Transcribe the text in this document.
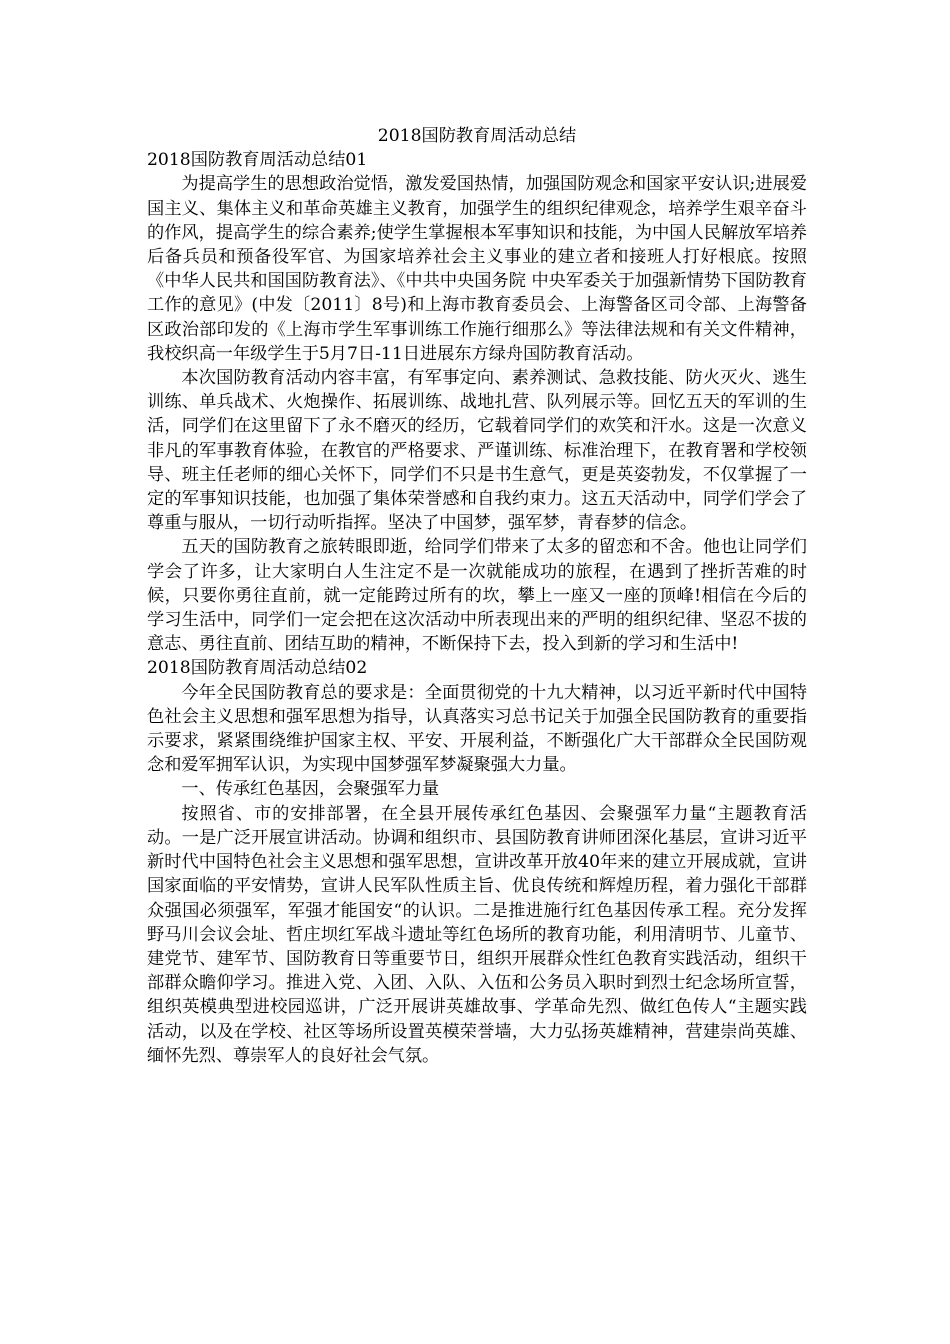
2018国防教育周活动总结

2018国防教育周活动总结01

为提高学生的思想政治觉悟，激发爱国热情，加强国防观念和国家平安认识;进展爱国主义、集体主义和革命英雄主义教育，加强学生的组织纪律观念，培养学生艰辛奋斗的作风，提高学生的综合素养;使学生掌握根本军事知识和技能，为中国人民解放军培养后备兵员和预备役军官、为国家培养社会主义事业的建立者和接班人打好根底。按照《中华人民共和国国防教育法》、《中共中央国务院 中央军委关于加强新情势下国防教育工作的意见》(中发〔2011〕8号)和上海市教育委员会、上海警备区司令部、上海警备区政治部印发的《上海市学生军事训练工作施行细那么》等法律法规和有关文件精神，我校织高一年级学生于5月7日-11日进展东方绿舟国防教育活动。

本次国防教育活动内容丰富，有军事定向、素养测试、急救技能、防火灭火、逃生训练、单兵战术、火炮操作、拓展训练、战地扎营、队列展示等。回忆五天的军训的生活，同学们在这里留下了永不磨灭的经历，它载着同学们的欢笑和汗水。这是一次意义非凡的军事教育体验，在教官的严格要求、严谨训练、标准治理下，在教育署和学校领导、班主任老师的细心关怀下，同学们不只是书生意气，更是英姿勃发，不仅掌握了一定的军事知识技能，也加强了集体荣誉感和自我约束力。这五天活动中，同学们学会了尊重与服从，一切行动听指挥。坚决了中国梦，强军梦，青春梦的信念。

五天的国防教育之旅转眼即逝，给同学们带来了太多的留恋和不舍。他也让同学们学会了许多，让大家明白人生注定不是一次就能成功的旅程，在遇到了挫折苦难的时候，只要你勇往直前，就一定能跨过所有的坎，攀上一座又一座的顶峰!相信在今后的学习生活中，同学们一定会把在这次活动中所表现出来的严明的组织纪律、坚忍不拔的意志、勇往直前、团结互助的精神，不断保持下去，投入到新的学习和生活中!

2018国防教育周活动总结02

今年全民国防教育总的要求是：全面贯彻党的十九大精神，以习近平新时代中国特色社会主义思想和强军思想为指导，认真落实习总书记关于加强全民国防教育的重要指示要求，紧紧围绕维护国家主权、平安、开展利益，不断强化广大干部群众全民国防观念和爱军拥军认识，为实现中国梦强军梦凝聚强大力量。

一、传承红色基因，会聚强军力量

按照省、市的安排部署，在全县开展传承红色基因、会聚强军力量“主题教育活动。一是广泛开展宣讲活动。协调和组织市、县国防教育讲师团深化基层，宣讲习近平新时代中国特色社会主义思想和强军思想，宣讲改革开放40年来的建立开展成就，宣讲国家面临的平安情势，宣讲人民军队性质主旨、优良传统和辉煌历程，着力强化干部群众强国必须强军，军强才能国安“的认识。二是推进施行红色基因传承工程。充分发挥野马川会议会址、哲庄坝红军战斗遗址等红色场所的教育功能，利用清明节、儿童节、建党节、建军节、国防教育日等重要节日，组织开展群众性红色教育实践活动，组织干部群众瞻仰学习。推进入党、入团、入队、入伍和公务员入职时到烈士纪念场所宣誓，组织英模典型进校园巡讲，广泛开展讲英雄故事、学革命先烈、做红色传人“主题实践活动，以及在学校、社区等场所设置英模荣誉墙，大力弘扬英雄精神，营建崇尚英雄、缅怀先烈、尊崇军人的良好社会气氛。
